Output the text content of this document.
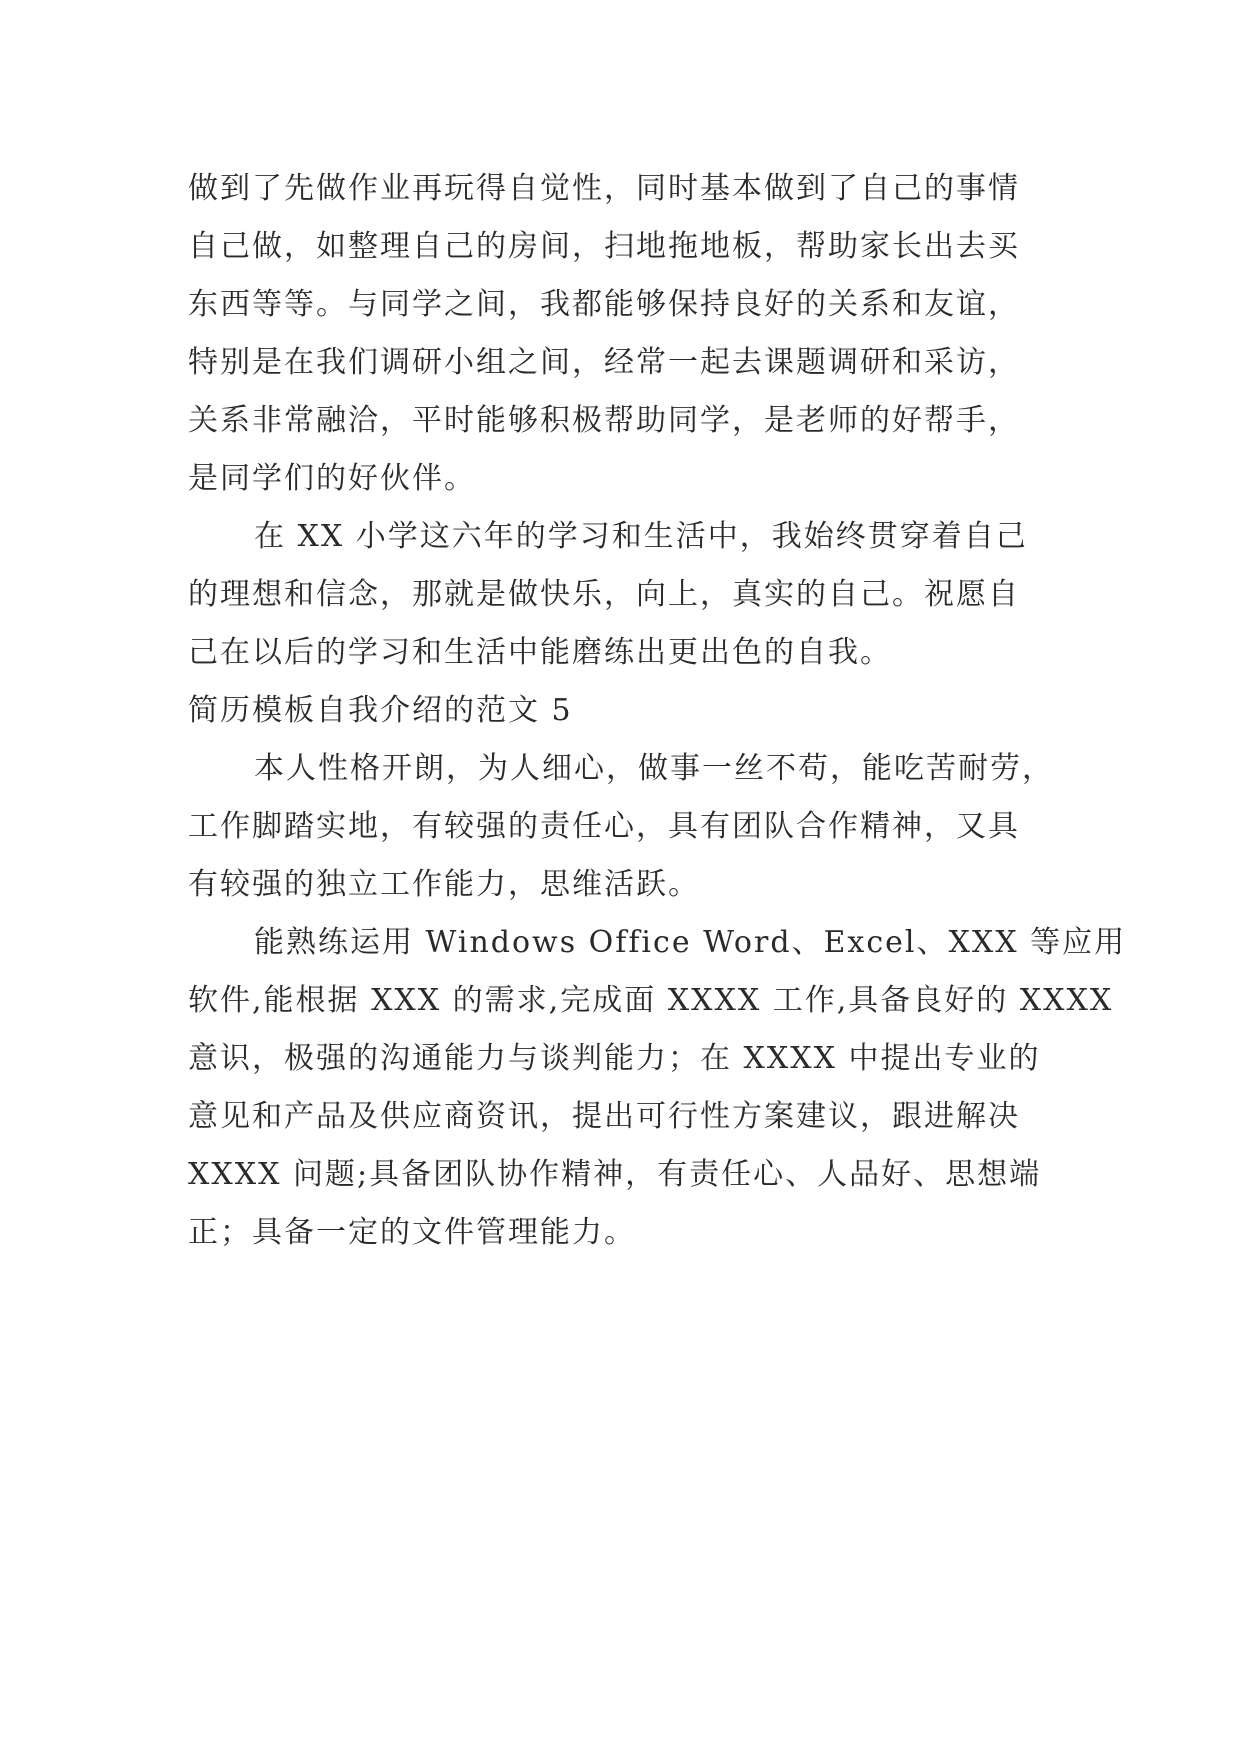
做到了先做作业再玩得自觉性，同时基本做到了自己的事情
自己做，如整理自己的房间，扫地拖地板，帮助家长出去买
东西等等。与同学之间，我都能够保持良好的关系和友谊，
特别是在我们调研小组之间，经常一起去课题调研和采访，
关系非常融洽，平时能够积极帮助同学，是老师的好帮手，
是同学们的好伙伴。
在 XX 小学这六年的学习和生活中，我始终贯穿着自己
的理想和信念，那就是做快乐，向上，真实的自己。祝愿自
己在以后的学习和生活中能磨练出更出色的自我。
简历模板自我介绍的范文 5
本人性格开朗，为人细心，做事一丝不苟，能吃苦耐劳，
工作脚踏实地，有较强的责任心，具有团队合作精神，又具
有较强的独立工作能力，思维活跃。
能熟练运用 Windows Office Word、Excel、XXX 等应用
软件,能根据 XXX 的需求,完成面 XXXX 工作,具备良好的 XXXX
意识，极强的沟通能力与谈判能力；在 XXXX 中提出专业的
意见和产品及供应商资讯，提出可行性方案建议，跟进解决
XXXX 问题;具备团队协作精神，有责任心、人品好、思想端
正；具备一定的文件管理能力。
